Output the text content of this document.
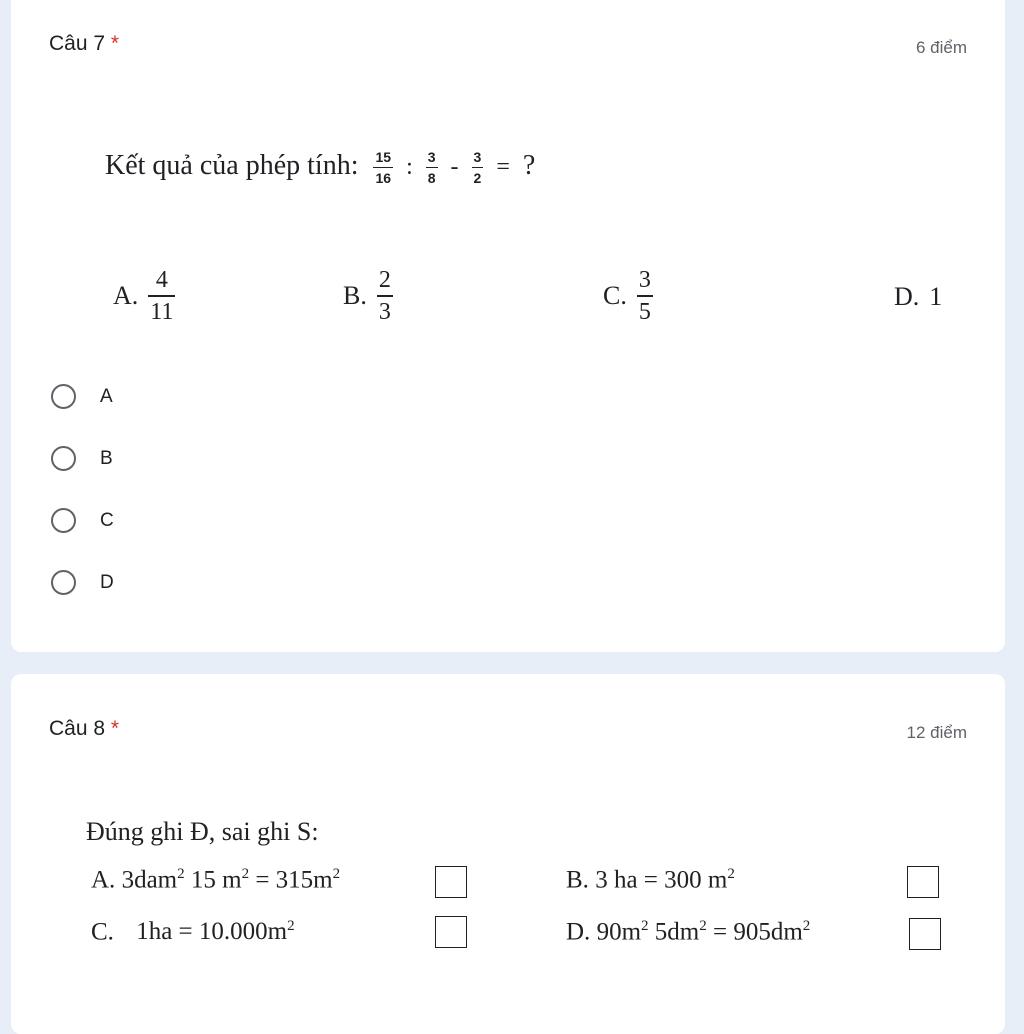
Câu 7 *	6 điểm
Kết quả của phép tính: $\frac{15}{16}$ : $\frac{3}{8} - \frac{3}{2}$ = ?
A. $\frac{4}{11}$	B. $\frac{2}{3}$	C. $\frac{3}{5}$	D. 1
A
B
C
D
Câu 8 *	12 điểm
Đúng ghi Đ, sai ghi S:
A. 3dam$^2$ 15 $m^2 = 315m^2$	B. 3 ha = 300 $m^2$
C. $1ha = 10.000m^2$	D. $90m^2$ $5dm^2 = 905dm^2$
